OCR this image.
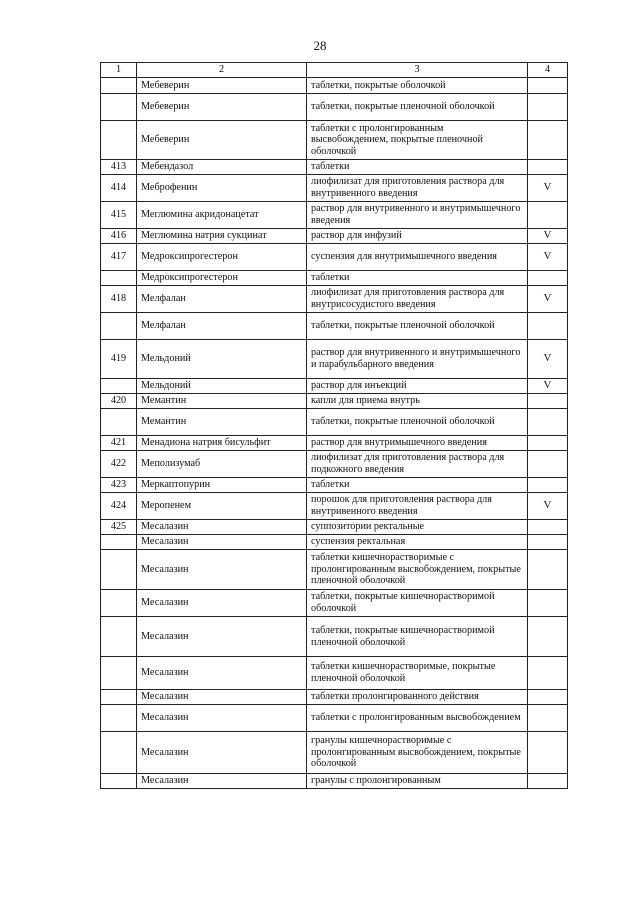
28
1	2	3	4
	Мебеверин	таблетки, покрытые оболочкой	
	Мебеверин	таблетки, покрытые пленочной оболочкой	
	Мебеверин	таблетки с пролонгированным высвобождением, покрытые пленочной оболочкой	
413	Мебендазол	таблетки	
414	Меброфенин	лиофилизат для приготовления раствора для внутривенного введения	V
415	Меглюмина акридонацетат	раствор для внутривенного и внутримышечного введения	
416	Меглюмина натрия сукцинат	раствор для инфузий	V
417	Медроксипрогестерон	суспензия для внутримышечного введения	V
	Медроксипрогестерон	таблетки	
418	Мелфалан	лиофилизат для приготовления раствора для внутрисосудистого введения	V
	Мелфалан	таблетки, покрытые пленочной оболочкой	
419	Мельдоний	раствор для внутривенного и внутримышечного и парабульбарного введения	V
	Мельдоний	раствор для инъекций	V
420	Мемантин	капли для приема внутрь	
	Мемантин	таблетки, покрытые пленочной оболочкой	
421	Менадиона натрия бисульфит	раствор для внутримышечного введения	
422	Меполизумаб	лиофилизат для приготовления раствора для подкожного введения	
423	Меркаптопурин	таблетки	
424	Меропенем	порошок для приготовления раствора для внутривенного введения	V
425	Месалазин	суппозитории ректальные	
	Месалазин	суспензия ректальная	
	Месалазин	таблетки кишечнорастворимые с пролонгированным высвобождением, покрытые пленочной оболочкой	
	Месалазин	таблетки, покрытые кишечнорастворимой оболочкой	
	Месалазин	таблетки, покрытые кишечнорастворимой пленочной оболочкой	
	Месалазин	таблетки кишечнорастворимые, покрытые пленочной оболочкой	
	Месалазин	таблетки пролонгированного действия	
	Месалазин	таблетки с пролонгированным высвобождением	
	Месалазин	гранулы кишечнорастворимые с пролонгированным высвобождением, покрытые оболочкой	
	Месалазин	гранулы с пролонгированным	
